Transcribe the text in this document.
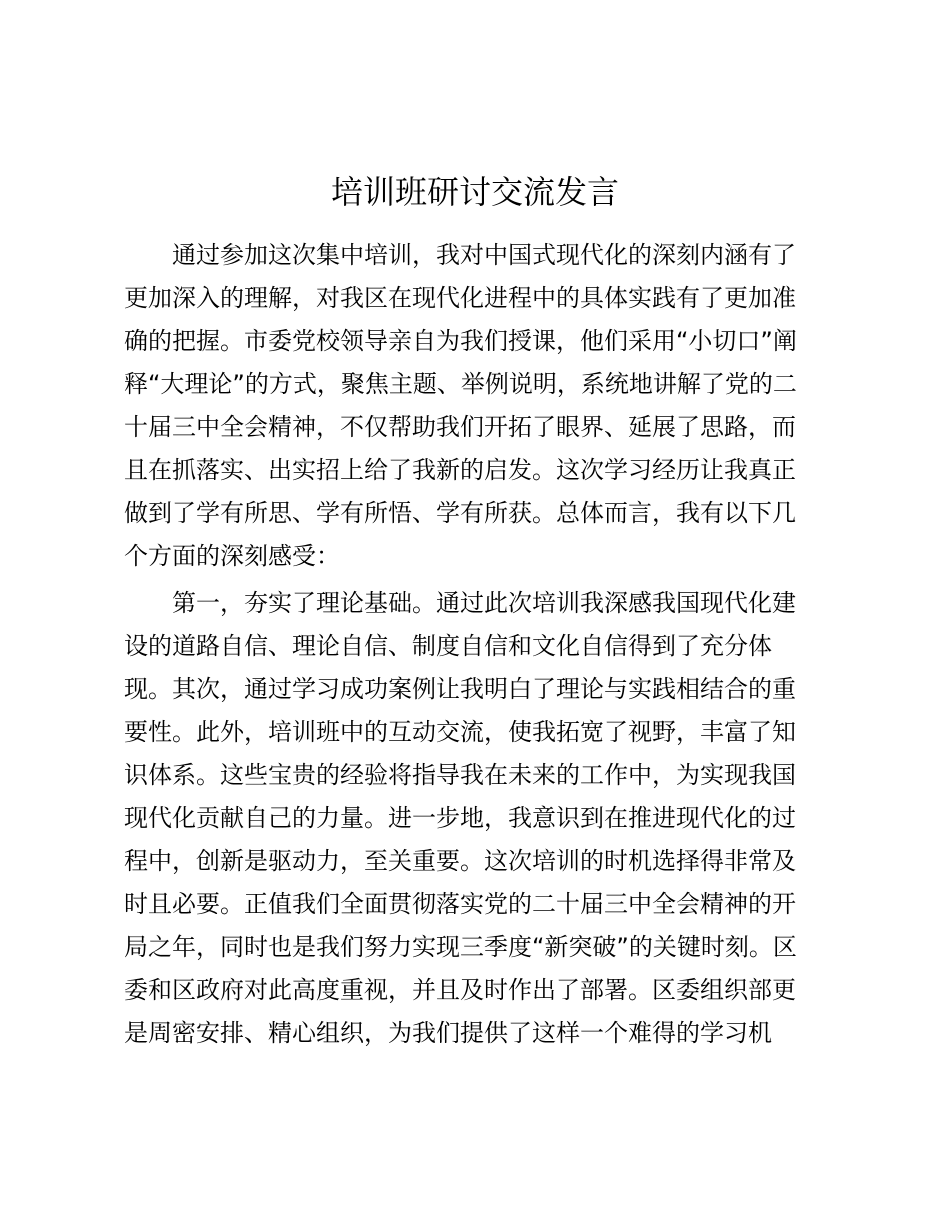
培训班研讨交流发言

通过参加这次集中培训，我对中国式现代化的深刻内涵有了

更加深入的理解，对我区在现代化进程中的具体实践有了更加准

确的把握。市委党校领导亲自为我们授课，他们采用“小切口”阐

释“大理论”的方式，聚焦主题、举例说明，系统地讲解了党的二

十届三中全会精神，不仅帮助我们开拓了眼界、延展了思路，而

且在抓落实、出实招上给了我新的启发。这次学习经历让我真正

做到了学有所思、学有所悟、学有所获。总体而言，我有以下几

个方面的深刻感受：

第一，夯实了理论基础。通过此次培训我深感我国现代化建

设的道路自信、理论自信、制度自信和文化自信得到了充分体

现。其次，通过学习成功案例让我明白了理论与实践相结合的重

要性。此外，培训班中的互动交流，使我拓宽了视野，丰富了知

识体系。这些宝贵的经验将指导我在未来的工作中，为实现我国

现代化贡献自己的力量。进一步地，我意识到在推进现代化的过

程中，创新是驱动力，至关重要。这次培训的时机选择得非常及

时且必要。正值我们全面贯彻落实党的二十届三中全会精神的开

局之年，同时也是我们努力实现三季度“新突破”的关键时刻。区

委和区政府对此高度重视，并且及时作出了部署。区委组织部更

是周密安排、精心组织，为我们提供了这样一个难得的学习机
